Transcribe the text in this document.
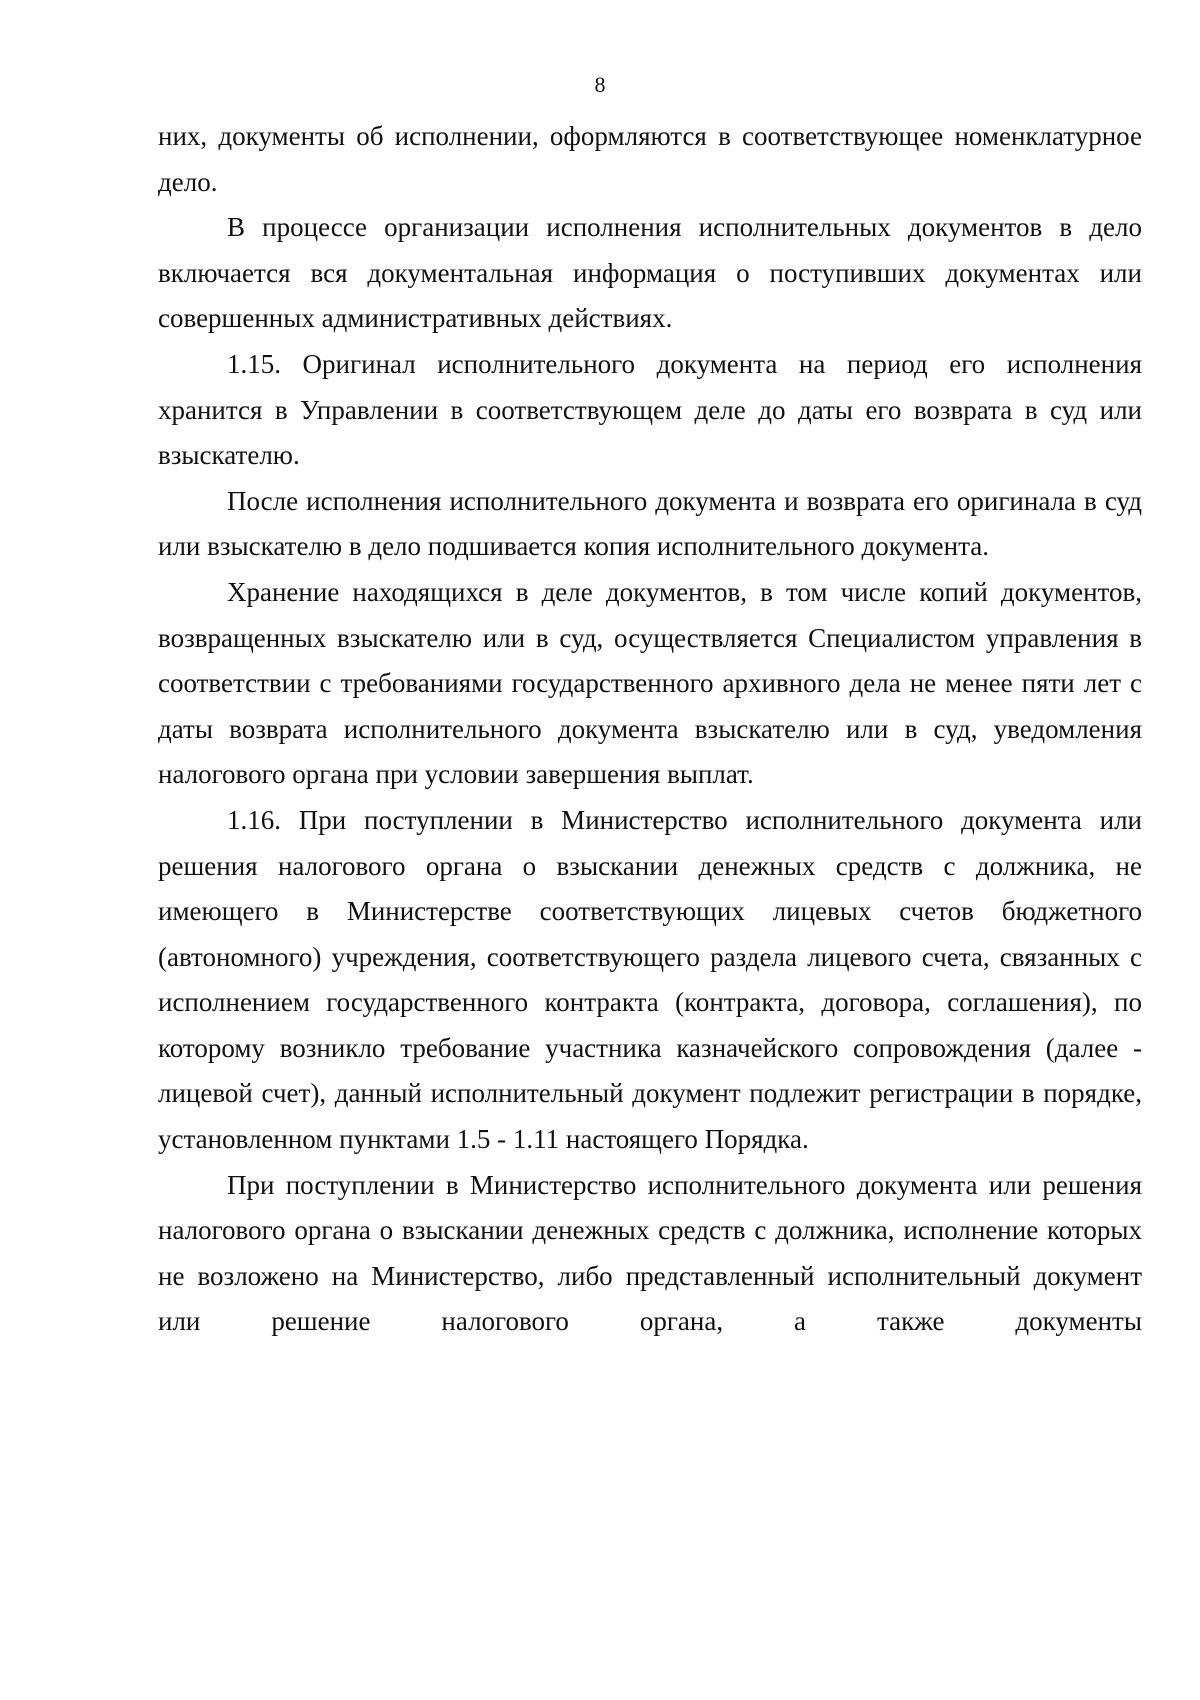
8

них, документы об исполнении, оформляются в соответствующее номенклатурное дело.

В процессе организации исполнения исполнительных документов в дело включается вся документальная информация о поступивших документах или совершенных административных действиях.

1.15. Оригинал исполнительного документа на период его исполнения хранится в Управлении в соответствующем деле до даты его возврата в суд или взыскателю.

После исполнения исполнительного документа и возврата его оригинала в суд или взыскателю в дело подшивается копия исполнительного документа.

Хранение находящихся в деле документов, в том числе копий документов, возвращенных взыскателю или в суд, осуществляется Специалистом управления в соответствии с требованиями государственного архивного дела не менее пяти лет с даты возврата исполнительного документа взыскателю или в суд, уведомления налогового органа при условии завершения выплат.

1.16. При поступлении в Министерство исполнительного документа или решения налогового органа о взыскании денежных средств с должника, не имеющего в Министерстве соответствующих лицевых счетов бюджетного (автономного) учреждения, соответствующего раздела лицевого счета, связанных с исполнением государственного контракта (контракта, договора, соглашения), по которому возникло требование участника казначейского сопровождения (далее - лицевой счет), данный исполнительный документ подлежит регистрации в порядке, установленном пунктами 1.5 - 1.11 настоящего Порядка.

При поступлении в Министерство исполнительного документа или решения налогового органа о взыскании денежных средств с должника, исполнение которых не возложено на Министерство, либо представленный исполнительный документ или решение налогового органа, а также документы
